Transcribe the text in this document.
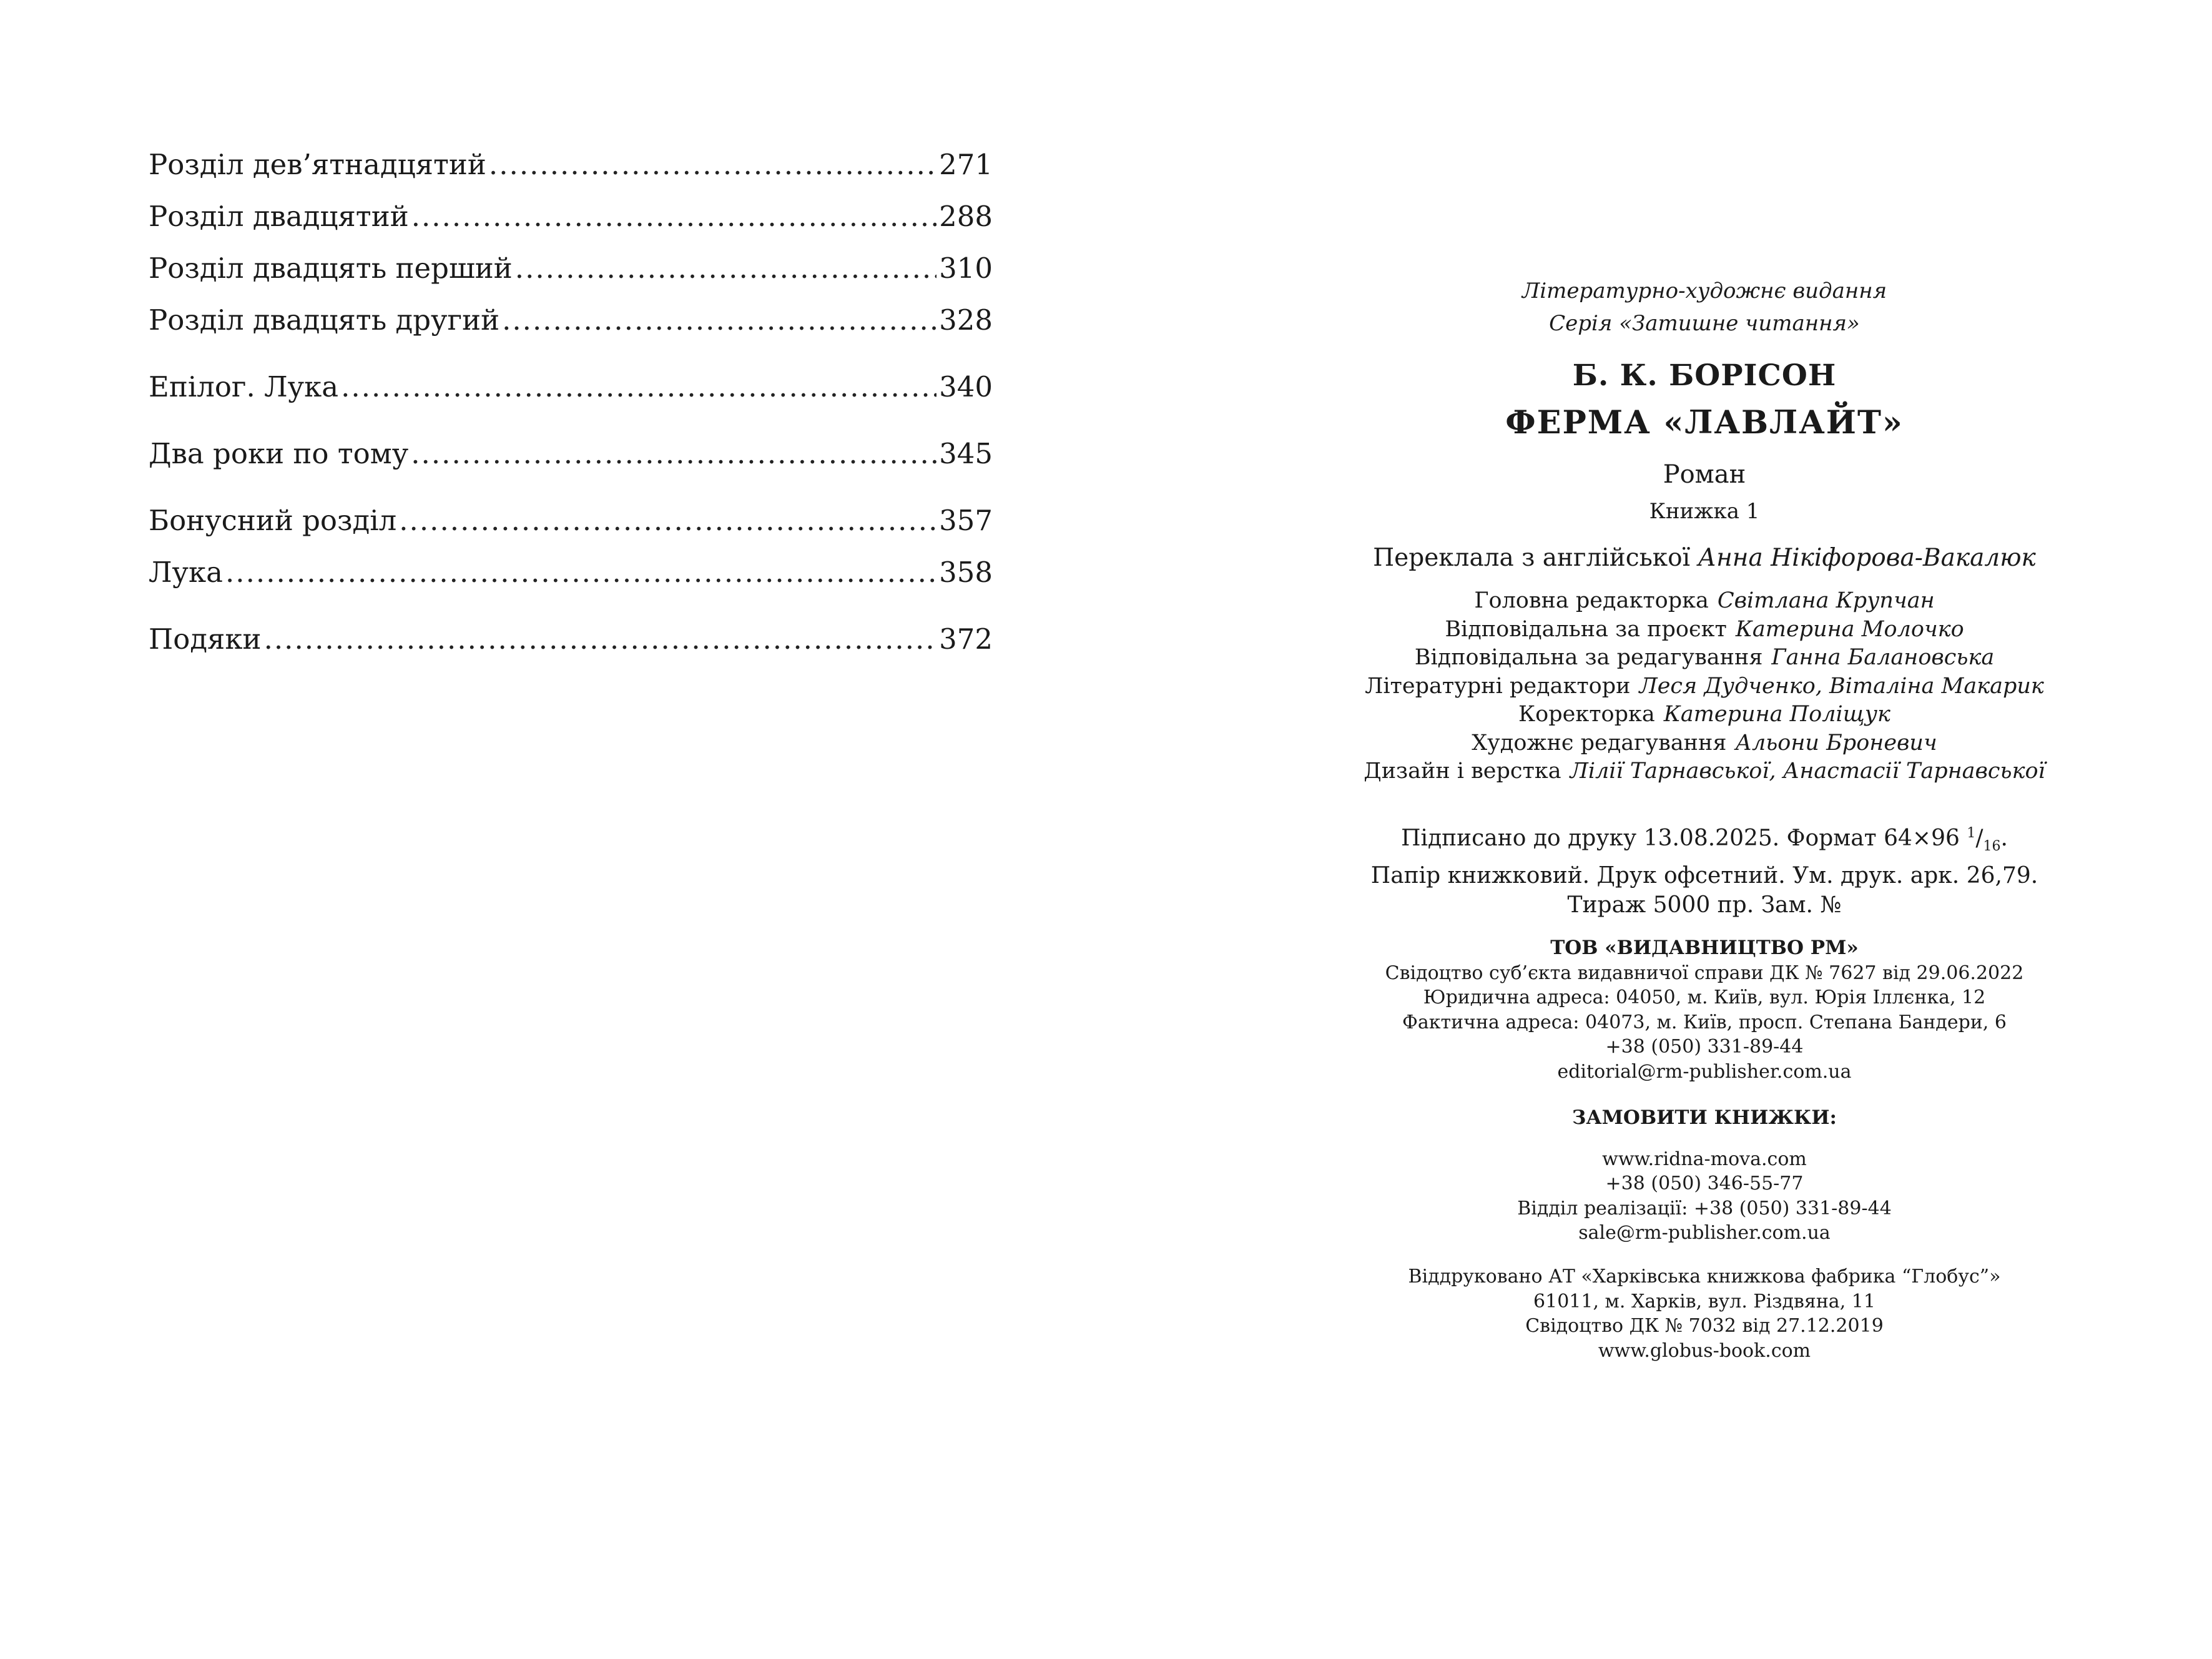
Розділ дев’ятнадцятий .....	271
Розділ двадцятий .....	288
Розділ двадцять перший .....	310
Розділ двадцять другий .....	328
Епілог. Лука .....	340
Два роки по тому .....	345
Бонусний розділ .....	357
Лука .....	358
Подяки .....	372
Літературно-художнє видання
Серія «Затишне читання»
Б. К. БОРІСОН
ФЕРМА «ЛАВЛАЙТ»
Роман
Книжка 1
Переклала з англійської Анна Нікіфорова-Вакалюк
Головна редакторка Світлана Крупчан
Відповідальна за проєкт Катерина Молочко
Відповідальна за редагування Ганна Балановська
Літературні редактори Леся Дудченко, Віталіна Макарик
Коректорка Катерина Поліщук
Художнє редагування Альони Броневич
Дизайн і верстка Лілії Тарнавської, Анастасії Тарнавської
Підписано до друку 13.08.2025. Формат 64×96 $^1/_{16}$.
Папір книжковий. Друк офсетний. Ум. друк. арк. 26,79.
Тираж 5000 пр. Зам. №
ТОВ «ВИДАВНИЦТВО РМ»
Свідоцтво суб’єкта видавничої справи ДК № 7627 від 29.06.2022
Юридична адреса: 04050, м. Київ, вул. Юрія Іллєнка, 12
Фактична адреса: 04073, м. Київ, просп. Степана Бандери, 6
+38 (050) 331-89-44
editorial@rm-publisher.com.ua
ЗАМОВИТИ КНИЖКИ:
www.ridna-mova.com
+38 (050) 346-55-77
Відділ реалізації: +38 (050) 331-89-44
sale@rm-publisher.com.ua
Віддруковано АТ «Харківська книжкова фабрика “Глобус”»
61011, м. Харків, вул. Різдвяна, 11
Свідоцтво ДК № 7032 від 27.12.2019
www.globus-book.com
